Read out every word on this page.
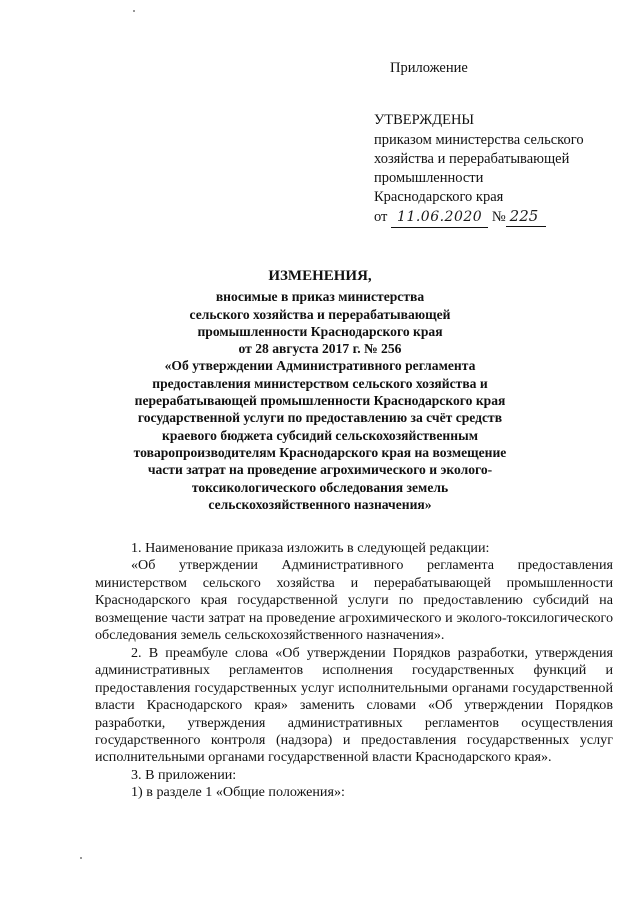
Приложение
УТВЕРЖДЕНЫ
приказом министерства сельского
хозяйства и перерабатывающей
промышленности
Краснодарского края
от 11.06.2020 № 225
ИЗМЕНЕНИЯ,
вносимые в приказ министерства
сельского хозяйства и перерабатывающей
промышленности Краснодарского края
от 28 августа 2017 г. № 256
«Об утверждении Административного регламента
предоставления министерством сельского хозяйства и
перерабатывающей промышленности Краснодарского края
государственной услуги по предоставлению за счёт средств
краевого бюджета субсидий сельскохозяйственным
товаропроизводителям Краснодарского края на возмещение
части затрат на проведение агрохимического и эколого-
токсикологического обследования земель
сельскохозяйственного назначения»

1. Наименование приказа изложить в следующей редакции:

«Об утверждении Административного регламента предоставления министерством сельского хозяйства и перерабатывающей промышленности Краснодарского края государственной услуги по предоставлению субсидий на возмещение части затрат на проведение агрохимического и эколого-токсилогического обследования земель сельскохозяйственного назначения».

2. В преамбуле слова «Об утверждении Порядков разработки, утверждения административных регламентов исполнения государственных функций и предоставления государственных услуг исполнительными органами государственной власти Краснодарского края» заменить словами «Об утверждении Порядков разработки, утверждения административных регламентов осуществления государственного контроля (надзора) и предоставления государственных услуг исполнительными органами государственной власти Краснодарского края».

3. В приложении:

1) в разделе 1 «Общие положения»:
